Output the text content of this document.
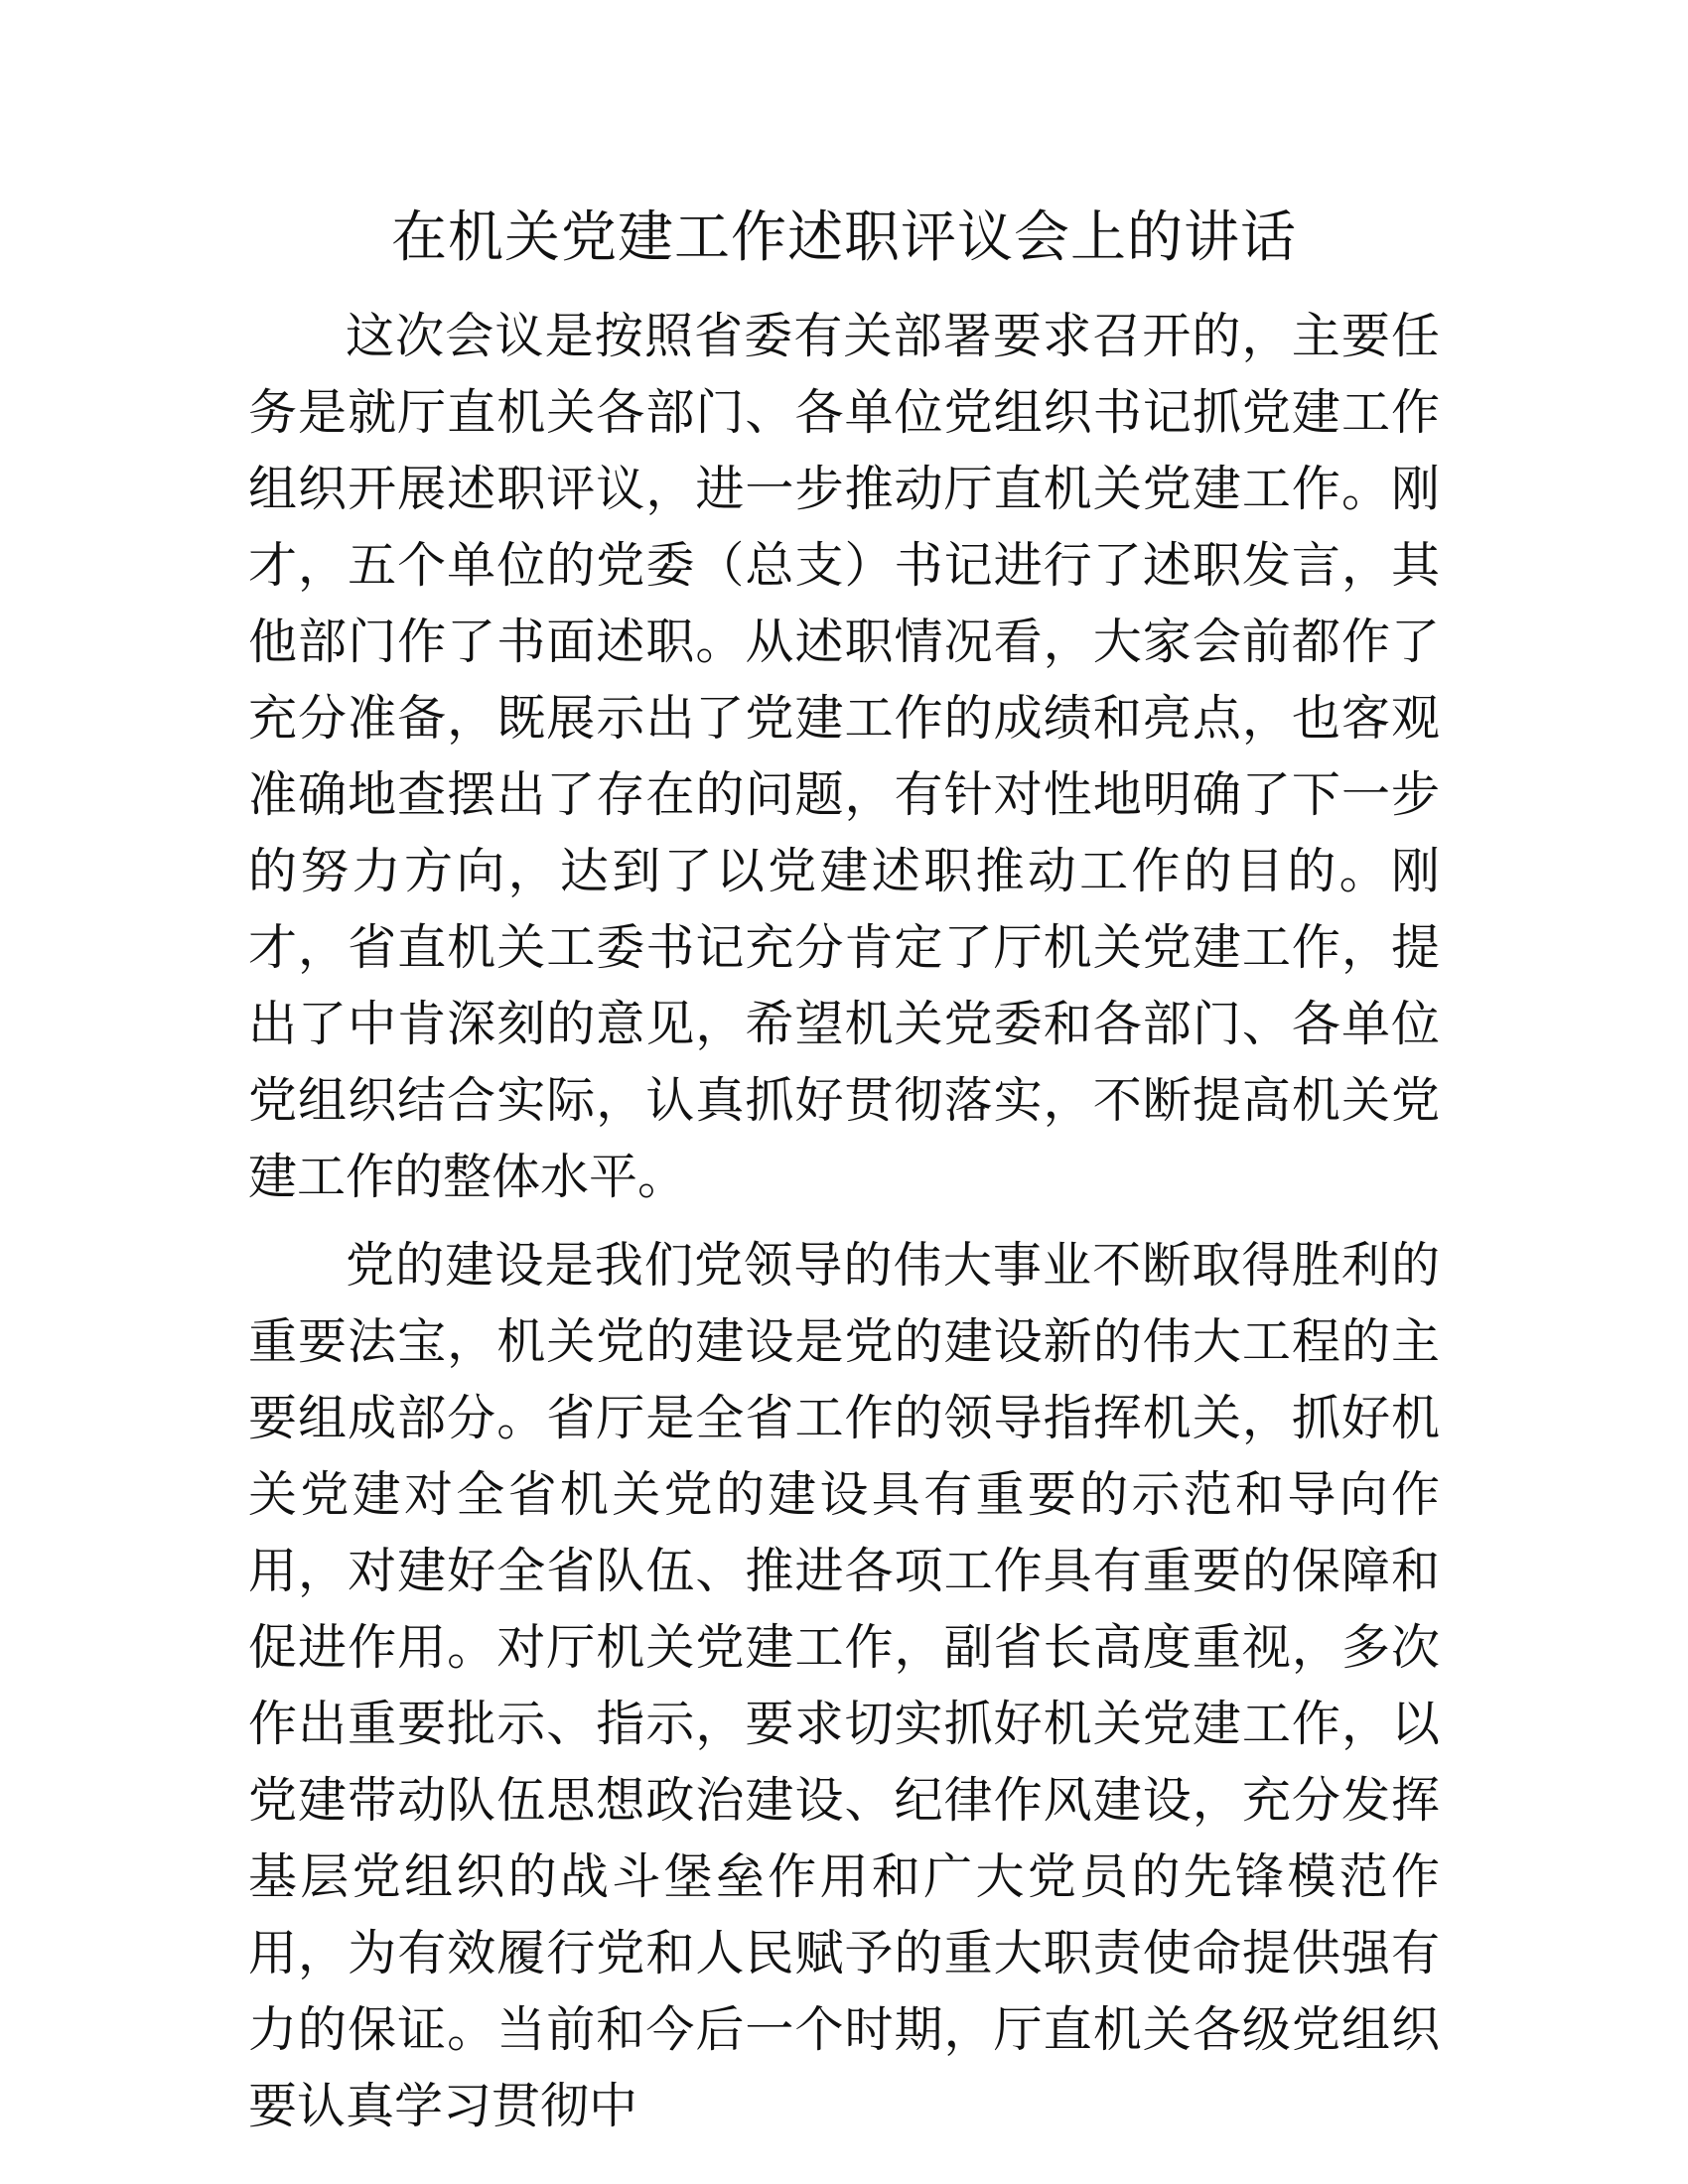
在机关党建工作述职评议会上的讲话

这次会议是按照省委有关部署要求召开的，主要任务是就厅直机关各部门、各单位党组织书记抓党建工作组织开展述职评议，进一步推动厅直机关党建工作。刚才，五个单位的党委（总支）书记进行了述职发言，其他部门作了书面述职。从述职情况看，大家会前都作了充分准备，既展示出了党建工作的成绩和亮点，也客观准确地查摆出了存在的问题，有针对性地明确了下一步的努力方向，达到了以党建述职推动工作的目的。刚才，省直机关工委书记充分肯定了厅机关党建工作，提出了中肯深刻的意见，希望机关党委和各部门、各单位党组织结合实际，认真抓好贯彻落实，不断提高机关党建工作的整体水平。

党的建设是我们党领导的伟大事业不断取得胜利的重要法宝，机关党的建设是党的建设新的伟大工程的主要组成部分。省厅是全省工作的领导指挥机关，抓好机关党建对全省机关党的建设具有重要的示范和导向作用，对建好全省队伍、推进各项工作具有重要的保障和促进作用。对厅机关党建工作，副省长高度重视，多次作出重要批示、指示，要求切实抓好机关党建工作，以党建带动队伍思想政治建设、纪律作风建设，充分发挥基层党组织的战斗堡垒作用和广大党员的先锋模范作用，为有效履行党和人民赋予的重大职责使命提供强有力的保证。当前和今后一个时期，厅直机关各级党组织要认真学习贯彻中
